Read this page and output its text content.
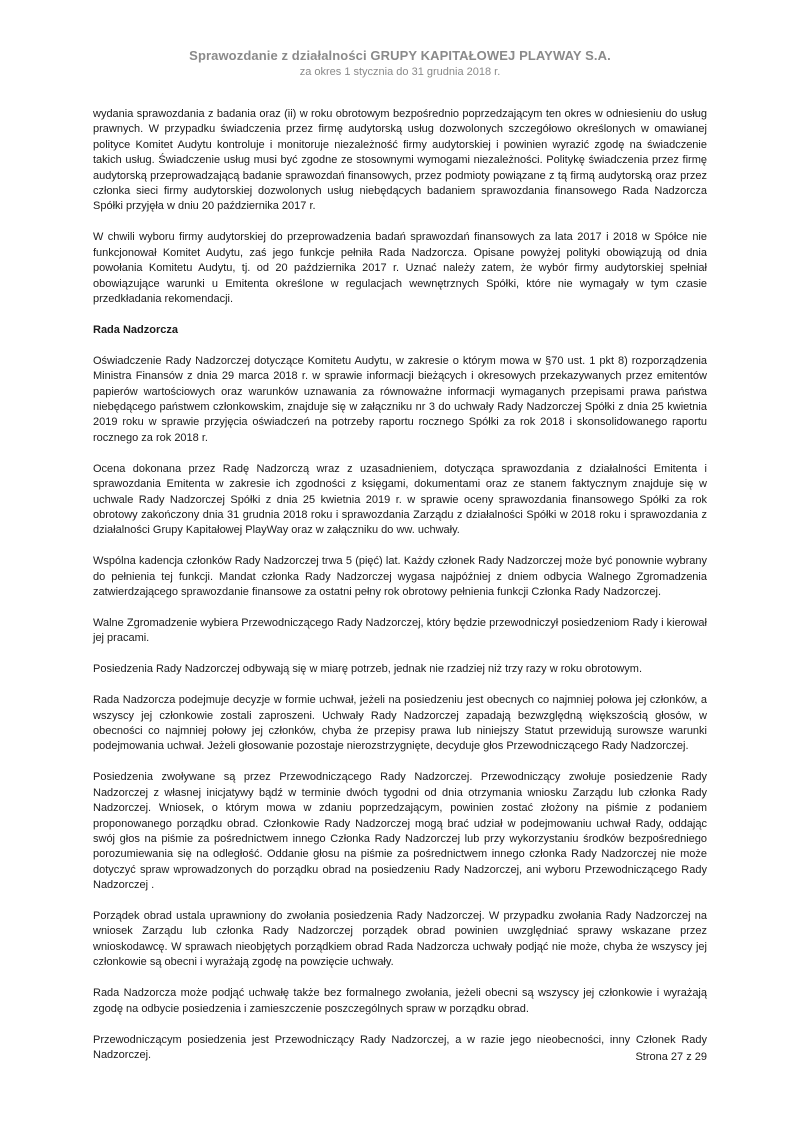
Sprawozdanie z działalności GRUPY KAPITAŁOWEJ PLAYWAY S.A.
za okres 1 stycznia do 31 grudnia 2018 r.

wydania sprawozdania z badania oraz (ii) w roku obrotowym bezpośrednio poprzedzającym ten okres w odniesieniu do usług prawnych. W przypadku świadczenia przez firmę audytorską usług dozwolonych szczegółowo określonych w omawianej polityce Komitet Audytu kontroluje i monitoruje niezależność firmy audytorskiej i powinien wyrazić zgodę na świadczenie takich usług. Świadczenie usług musi być zgodne ze stosownymi wymogami niezależności. Politykę świadczenia przez firmę audytorską przeprowadzającą badanie sprawozdań finansowych, przez podmioty powiązane z tą firmą audytorską oraz przez członka sieci firmy audytorskiej dozwolonych usług niebędących badaniem sprawozdania finansowego Rada Nadzorcza Spółki przyjęła w dniu 20 października 2017 r.

W chwili wyboru firmy audytorskiej do przeprowadzenia badań sprawozdań finansowych za lata 2017 i 2018 w Spółce nie funkcjonował Komitet Audytu, zaś jego funkcje pełniła Rada Nadzorcza. Opisane powyżej polityki obowiązują od dnia powołania Komitetu Audytu, tj. od 20 października 2017 r. Uznać należy zatem, że wybór firmy audytorskiej spełniał obowiązujące warunki u Emitenta określone w regulacjach wewnętrznych Spółki, które nie wymagały w tym czasie przedkładania rekomendacji.

Rada Nadzorcza

Oświadczenie Rady Nadzorczej dotyczące Komitetu Audytu, w zakresie o którym mowa w §70 ust. 1 pkt 8) rozporządzenia Ministra Finansów z dnia 29 marca 2018 r. w sprawie informacji bieżących i okresowych przekazywanych przez emitentów papierów wartościowych oraz warunków uznawania za równoważne informacji wymaganych przepisami prawa państwa niebędącego państwem członkowskim, znajduje się w załączniku nr 3 do uchwały Rady Nadzorczej Spółki z dnia 25 kwietnia 2019 roku w sprawie przyjęcia oświadczeń na potrzeby raportu rocznego Spółki za rok 2018 i skonsolidowanego raportu rocznego za rok 2018 r.

Ocena dokonana przez Radę Nadzorczą wraz z uzasadnieniem, dotycząca sprawozdania z działalności Emitenta i sprawozdania Emitenta w zakresie ich zgodności z księgami, dokumentami oraz ze stanem faktycznym znajduje się w uchwale Rady Nadzorczej Spółki z dnia 25 kwietnia 2019 r. w sprawie oceny sprawozdania finansowego Spółki za rok obrotowy zakończony dnia 31 grudnia 2018 roku i sprawozdania Zarządu z działalności Spółki w 2018 roku i sprawozdania z działalności Grupy Kapitałowej PlayWay oraz w załączniku do ww. uchwały.

Wspólna kadencja członków Rady Nadzorczej trwa 5 (pięć) lat. Każdy członek Rady Nadzorczej może być ponownie wybrany do pełnienia tej funkcji. Mandat członka Rady Nadzorczej wygasa najpóźniej z dniem odbycia Walnego Zgromadzenia zatwierdzającego sprawozdanie finansowe za ostatni pełny rok obrotowy pełnienia funkcji Członka Rady Nadzorczej.

Walne Zgromadzenie wybiera Przewodniczącego Rady Nadzorczej, który będzie przewodniczył posiedzeniom Rady i kierował jej pracami.

Posiedzenia Rady Nadzorczej odbywają się w miarę potrzeb, jednak nie rzadziej niż trzy razy w roku obrotowym.

Rada Nadzorcza podejmuje decyzje w formie uchwał, jeżeli na posiedzeniu jest obecnych co najmniej połowa jej członków, a wszyscy jej członkowie zostali zaproszeni. Uchwały Rady Nadzorczej zapadają bezwzględną większością głosów, w obecności co najmniej połowy jej członków, chyba że przepisy prawa lub niniejszy Statut przewidują surowsze warunki podejmowania uchwał. Jeżeli głosowanie pozostaje nierozstrzygnięte, decyduje głos Przewodniczącego Rady Nadzorczej.

Posiedzenia zwoływane są przez Przewodniczącego Rady Nadzorczej. Przewodniczący zwołuje posiedzenie Rady Nadzorczej z własnej inicjatywy bądź w terminie dwóch tygodni od dnia otrzymania wniosku Zarządu lub członka Rady Nadzorczej. Wniosek, o którym mowa w zdaniu poprzedzającym, powinien zostać złożony na piśmie z podaniem proponowanego porządku obrad. Członkowie Rady Nadzorczej mogą brać udział w podejmowaniu uchwał Rady, oddając swój głos na piśmie za pośrednictwem innego Członka Rady Nadzorczej lub przy wykorzystaniu środków bezpośredniego porozumiewania się na odległość. Oddanie głosu na piśmie za pośrednictwem innego członka Rady Nadzorczej nie może dotyczyć spraw wprowadzonych do porządku obrad na posiedzeniu Rady Nadzorczej, ani wyboru Przewodniczącego Rady Nadzorczej .

Porządek obrad ustala uprawniony do zwołania posiedzenia Rady Nadzorczej. W przypadku zwołania Rady Nadzorczej na wniosek Zarządu lub członka Rady Nadzorczej porządek obrad powinien uwzględniać sprawy wskazane przez wnioskodawcę. W sprawach nieobjętych porządkiem obrad Rada Nadzorcza uchwały podjąć nie może, chyba że wszyscy jej członkowie są obecni i wyrażają zgodę na powzięcie uchwały.

Rada Nadzorcza może podjąć uchwałę także bez formalnego zwołania, jeżeli obecni są wszyscy jej członkowie i wyrażają zgodę na odbycie posiedzenia i zamieszczenie poszczególnych spraw w porządku obrad.

Przewodniczącym posiedzenia jest Przewodniczący Rady Nadzorczej, a w razie jego nieobecności, inny Członek Rady Nadzorczej.	Strona 27 z 29
